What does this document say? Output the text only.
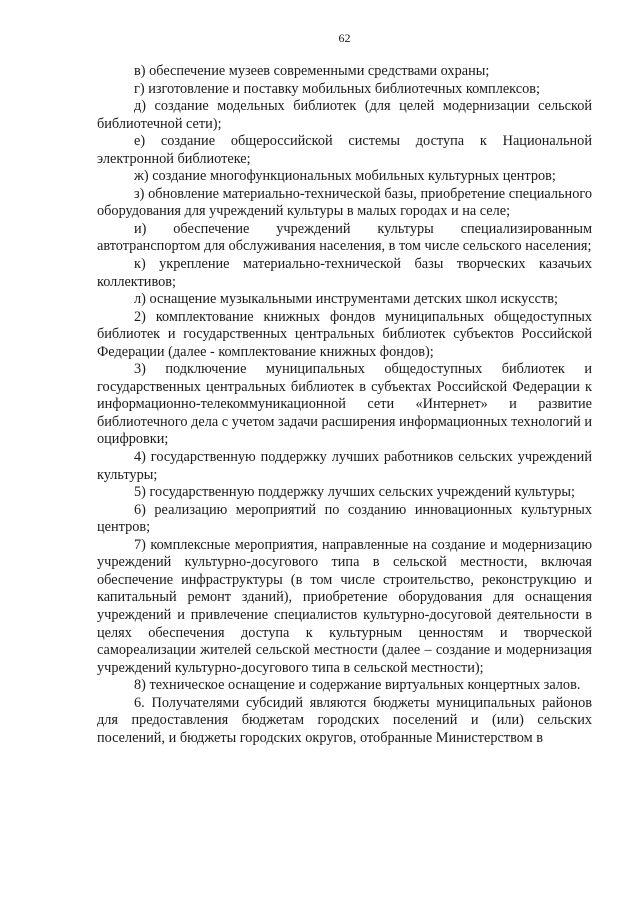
62

в) обеспечение музеев современными средствами охраны;

г) изготовление и поставку мобильных библиотечных комплексов;

д) создание модельных библиотек (для целей модернизации сельской библиотечной сети);

е) создание общероссийской системы доступа к Национальной электронной библиотеке;

ж) создание многофункциональных мобильных культурных центров;

з) обновление материально-технической базы, приобретение специального оборудования для учреждений культуры в малых городах и на селе;

и) обеспечение учреждений культуры специализированным автотранспортом для обслуживания населения, в том числе сельского населения;

к) укрепление материально-технической базы творческих казачьих коллективов;

л) оснащение музыкальными инструментами детских школ искусств;

2) комплектование книжных фондов муниципальных общедоступных библиотек и государственных центральных библиотек субъектов Российской Федерации (далее - комплектование книжных фондов);

3) подключение муниципальных общедоступных библиотек и государственных центральных библиотек в субъектах Российской Федерации к информационно-телекоммуникационной сети «Интернет» и развитие библиотечного дела с учетом задачи расширения информационных технологий и оцифровки;

4) государственную поддержку лучших работников сельских учреждений культуры;

5) государственную поддержку лучших сельских учреждений культуры;

6) реализацию мероприятий по созданию инновационных культурных центров;

7) комплексные мероприятия, направленные на создание и модернизацию учреждений культурно-досугового типа в сельской местности, включая обеспечение инфраструктуры (в том числе строительство, реконструкцию и капитальный ремонт зданий), приобретение оборудования для оснащения учреждений и привлечение специалистов культурно-досуговой деятельности в целях обеспечения доступа к культурным ценностям и творческой самореализации жителей сельской местности (далее – создание и модернизация учреждений культурно-досугового типа в сельской местности);

8) техническое оснащение и содержание виртуальных концертных залов.

6. Получателями субсидий являются бюджеты муниципальных районов для предоставления бюджетам городских поселений и (или) сельских поселений, и бюджеты городских округов, отобранные Министерством в
